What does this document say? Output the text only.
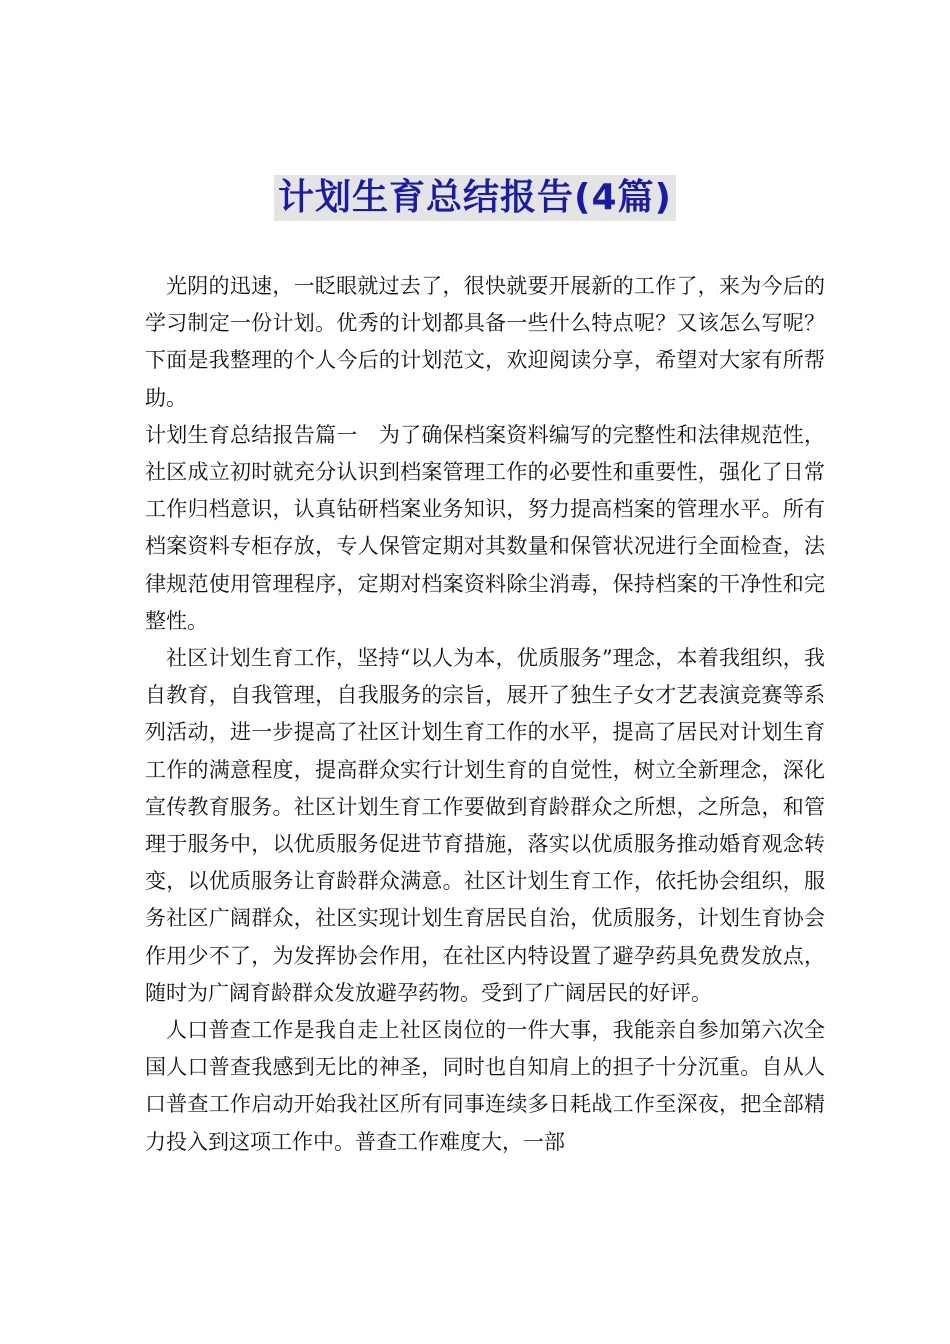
计划生育总结报告(4篇)

光阴的迅速，一眨眼就过去了，很快就要开展新的工作了，来为今后的学习制定一份计划。优秀的计划都具备一些什么特点呢？又该怎么写呢？下面是我整理的个人今后的计划范文，欢迎阅读分享，希望对大家有所帮助。

计划生育总结报告篇一　为了确保档案资料编写的完整性和法律规范性，社区成立初时就充分认识到档案管理工作的必要性和重要性，强化了日常工作归档意识，认真钻研档案业务知识，努力提高档案的管理水平。所有档案资料专柜存放，专人保管定期对其数量和保管状况进行全面检查，法律规范使用管理程序，定期对档案资料除尘消毒，保持档案的干净性和完整性。

社区计划生育工作，坚持“以人为本，优质服务”理念，本着我组织，我自教育，自我管理，自我服务的宗旨，展开了独生子女才艺表演竞赛等系列活动，进一步提高了社区计划生育工作的水平，提高了居民对计划生育工作的满意程度，提高群众实行计划生育的自觉性，树立全新理念，深化宣传教育服务。社区计划生育工作要做到育龄群众之所想，之所急，和管理于服务中，以优质服务促进节育措施，落实以优质服务推动婚育观念转变，以优质服务让育龄群众满意。社区计划生育工作，依托协会组织，服务社区广阔群众，社区实现计划生育居民自治，优质服务，计划生育协会作用少不了，为发挥协会作用，在社区内特设置了避孕药具免费发放点，随时为广阔育龄群众发放避孕药物。受到了广阔居民的好评。

人口普查工作是我自走上社区岗位的一件大事，我能亲自参加第六次全国人口普查我感到无比的神圣，同时也自知肩上的担子十分沉重。自从人口普查工作启动开始我社区所有同事连续多日耗战工作至深夜，把全部精力投入到这项工作中。普查工作难度大，一部
